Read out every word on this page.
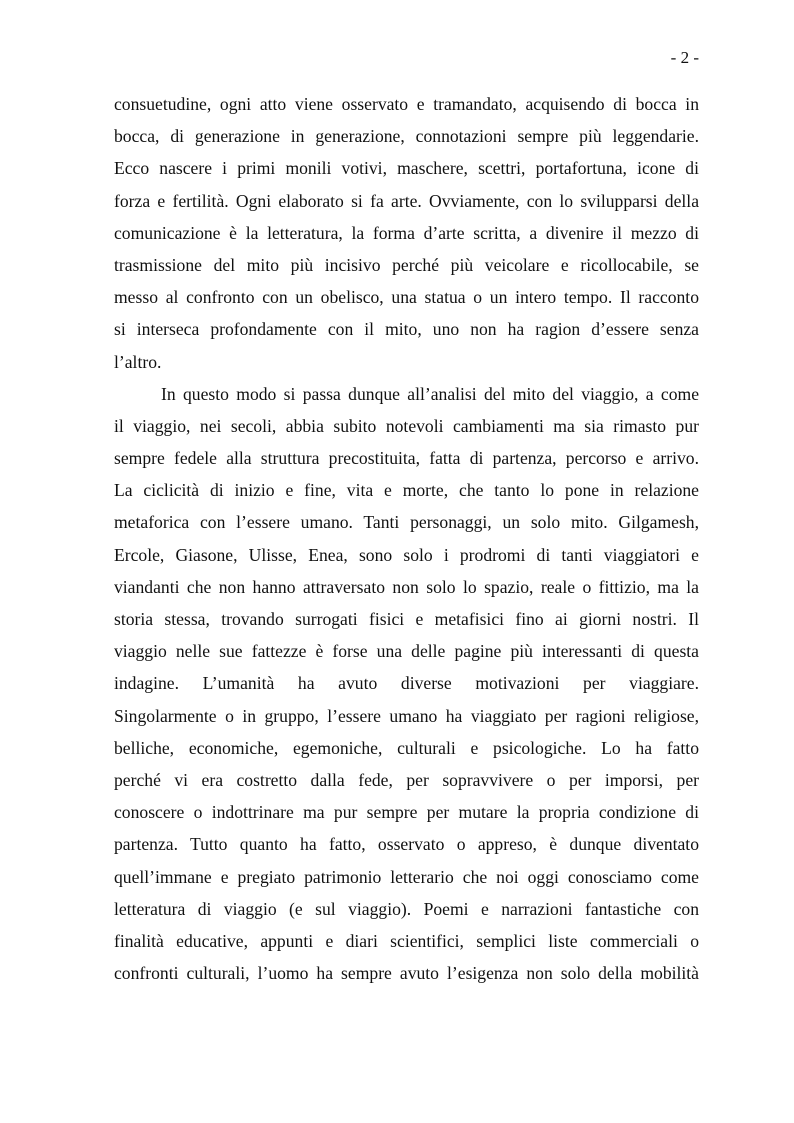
- 2 -
consuetudine, ogni atto viene osservato e tramandato, acquisendo di bocca in
bocca, di generazione in generazione, connotazioni sempre più leggendarie.
Ecco nascere i primi monili votivi, maschere, scettri, portafortuna, icone di
forza e fertilità. Ogni elaborato si fa arte. Ovviamente, con lo svilupparsi della
comunicazione è la letteratura, la forma d’arte scritta, a divenire il mezzo di
trasmissione del mito più incisivo perché più veicolare e ricollocabile, se
messo al confronto con un obelisco, una statua o un intero tempo. Il racconto
si interseca profondamente con il mito, uno non ha ragion d’essere senza
l’altro.
In questo modo si passa dunque all’analisi del mito del viaggio, a come
il viaggio, nei secoli, abbia subito notevoli cambiamenti ma sia rimasto pur
sempre fedele alla struttura precostituita, fatta di partenza, percorso e arrivo.
La ciclicità di inizio e fine, vita e morte, che tanto lo pone in relazione
metaforica con l’essere umano. Tanti personaggi, un solo mito. Gilgamesh,
Ercole, Giasone, Ulisse, Enea, sono solo i prodromi di tanti viaggiatori e
viandanti che non hanno attraversato non solo lo spazio, reale o fittizio, ma la
storia stessa, trovando surrogati fisici e metafisici fino ai giorni nostri. Il
viaggio nelle sue fattezze è forse una delle pagine più interessanti di questa
indagine. L’umanità ha avuto diverse motivazioni per viaggiare.
Singolarmente o in gruppo, l’essere umano ha viaggiato per ragioni religiose,
belliche, economiche, egemoniche, culturali e psicologiche. Lo ha fatto
perché vi era costretto dalla fede, per sopravvivere o per imporsi, per
conoscere o indottrinare ma pur sempre per mutare la propria condizione di
partenza. Tutto quanto ha fatto, osservato o appreso, è dunque diventato
quell’immane e pregiato patrimonio letterario che noi oggi conosciamo come
letteratura di viaggio (e sul viaggio). Poemi e narrazioni fantastiche con
finalità educative, appunti e diari scientifici, semplici liste commerciali o
confronti culturali, l’uomo ha sempre avuto l’esigenza non solo della mobilità
